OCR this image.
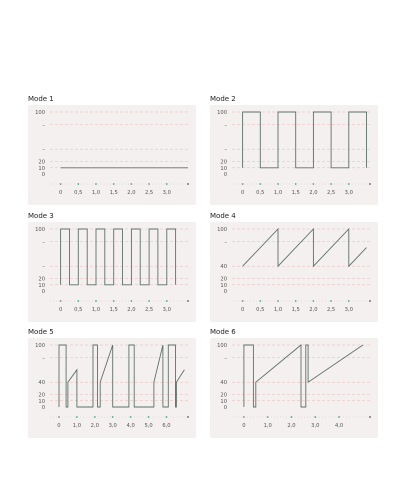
Mode 1
0
10
20
–
–
100
0 0,5 1,0 1,5 2,0 2,5 3,0
Mode 2
0
10
20
–
–
100
0 0,5 1,0 1,5 2,0 2,5 3,0
Mode 3
0
10
20
–
–
100
0 0,5 1,0 1,5 2,0 2,5 3,0
Mode 4
0
10
20
40
–
100
0 0,5 1,0 1,5 2,0 2,5 3,0
Mode 5
0
10
20
40
–
100
0 1,0 2,0 3,0 4,0 5,0 6,0
Mode 6
0
10
20
40
–
100
0	1,0	2,0	3,0	4,0
